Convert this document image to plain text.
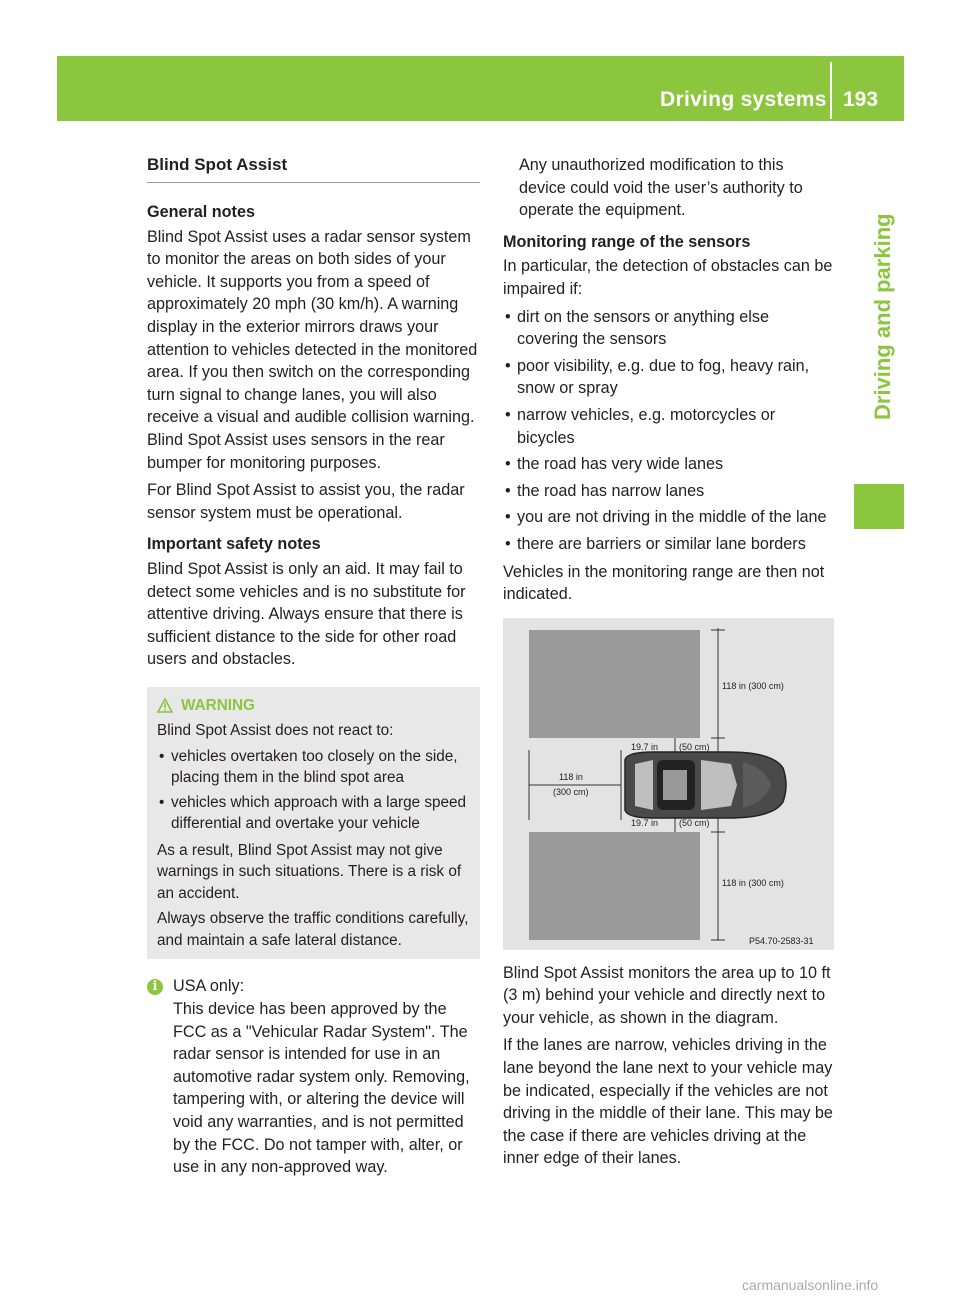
Driving systems 193
Driving and parking
Blind Spot Assist
General notes

Blind Spot Assist uses a radar sensor system to monitor the areas on both sides of your vehicle. It supports you from a speed of approximately 20 mph (30 km/h). A warning display in the exterior mirrors draws your attention to vehicles detected in the monitored area. If you then switch on the corresponding turn signal to change lanes, you will also receive a visual and audible collision warning. Blind Spot Assist uses sensors in the rear bumper for monitoring purposes.

For Blind Spot Assist to assist you, the radar sensor system must be operational.

Important safety notes

Blind Spot Assist is only an aid. It may fail to detect some vehicles and is no substitute for attentive driving. Always ensure that there is sufficient distance to the side for other road users and obstacles.

WARNING

Blind Spot Assist does not react to:

• vehicles overtaken too closely on the side, placing them in the blind spot area
• vehicles which approach with a large speed differential and overtake your vehicle

As a result, Blind Spot Assist may not give warnings in such situations. There is a risk of an accident.

Always observe the traffic conditions carefully, and maintain a safe lateral distance.

i USA only:

This device has been approved by the FCC as a "Vehicular Radar System". The radar sensor is intended for use in an automotive radar system only. Removing, tampering with, or altering the device will void any warranties, and is not permitted by the FCC. Do not tamper with, alter, or use in any non-approved way.

Any unauthorized modification to this device could void the user’s authority to operate the equipment.

Monitoring range of the sensors

In particular, the detection of obstacles can be impaired if:

• dirt on the sensors or anything else covering the sensors
• poor visibility, e.g. due to fog, heavy rain, snow or spray
• narrow vehicles, e.g. motorcycles or bicycles
• the road has very wide lanes
• the road has narrow lanes
• you are not driving in the middle of the lane
• there are barriers or similar lane borders

Vehicles in the monitoring range are then not indicated.

118 in (300 cm)
19.7 in (50 cm)
118 in
(300 cm)
19.7 in (50 cm)
118 in (300 cm)
P54.70-2583-31

Blind Spot Assist monitors the area up to 10 ft (3 m) behind your vehicle and directly next to your vehicle, as shown in the diagram.

If the lanes are narrow, vehicles driving in the lane beyond the lane next to your vehicle may be indicated, especially if the vehicles are not driving in the middle of their lane. This may be the case if there are vehicles driving at the inner edge of their lanes.

carmanualsonline.info
